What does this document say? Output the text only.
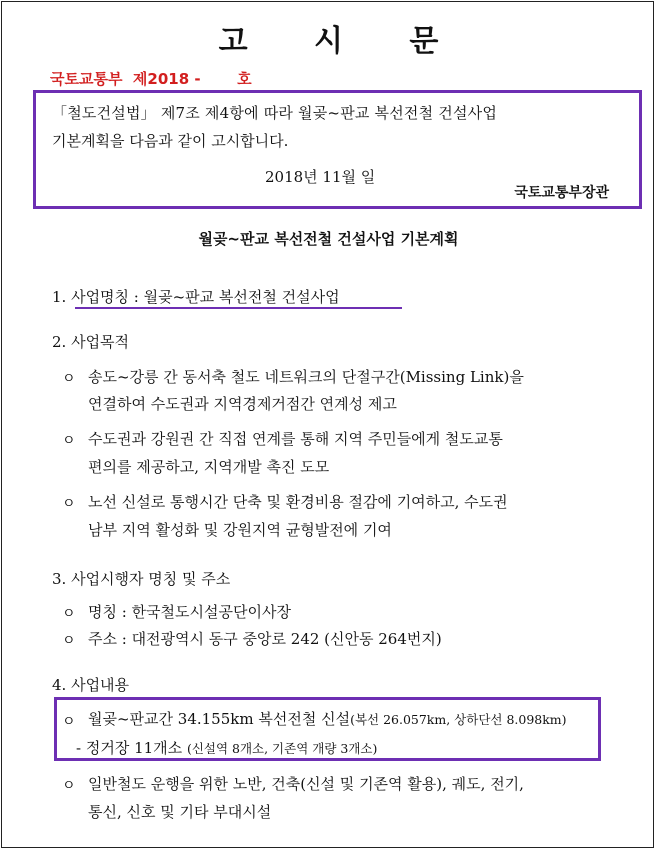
고 시 문
국토교통부  제2018 -       호
「철도건설법」 제7조 제4항에 따라 월곶~판교 복선전철 건설사업
기본계획을 다음과 같이 고시합니다.
2018년 11월 일
국토교통부장관
월곶~판교 복선전철 건설사업 기본계획
1. 사업명칭 : 월곶~판교 복선전철 건설사업
2. 사업목적
ㅇ 송도~강릉 간 동서축 철도 네트워크의 단절구간(Missing Link)을
연결하여 수도권과 지역경제거점간 연계성 제고
ㅇ 수도권과 강원권 간 직접 연계를 통해 지역 주민들에게 철도교통
편의를 제공하고, 지역개발 촉진 도모
ㅇ 노선 신설로 통행시간 단축 및 환경비용 절감에 기여하고, 수도권
남부 지역 활성화 및 강원지역 균형발전에 기여
3. 사업시행자 명칭 및 주소
ㅇ 명칭 : 한국철도시설공단이사장
ㅇ 주소 : 대전광역시 동구 중앙로 242 (신안동 264번지)
4. 사업내용
ㅇ 월곶~판교간 34.155km 복선전철 신설(복선 26.057km, 상하단선 8.098km)
- 정거장 11개소 (신설역 8개소, 기존역 개량 3개소)
ㅇ 일반철도 운행을 위한 노반, 건축(신설 및 기존역 활용), 궤도, 전기,
통신, 신호 및 기타 부대시설
